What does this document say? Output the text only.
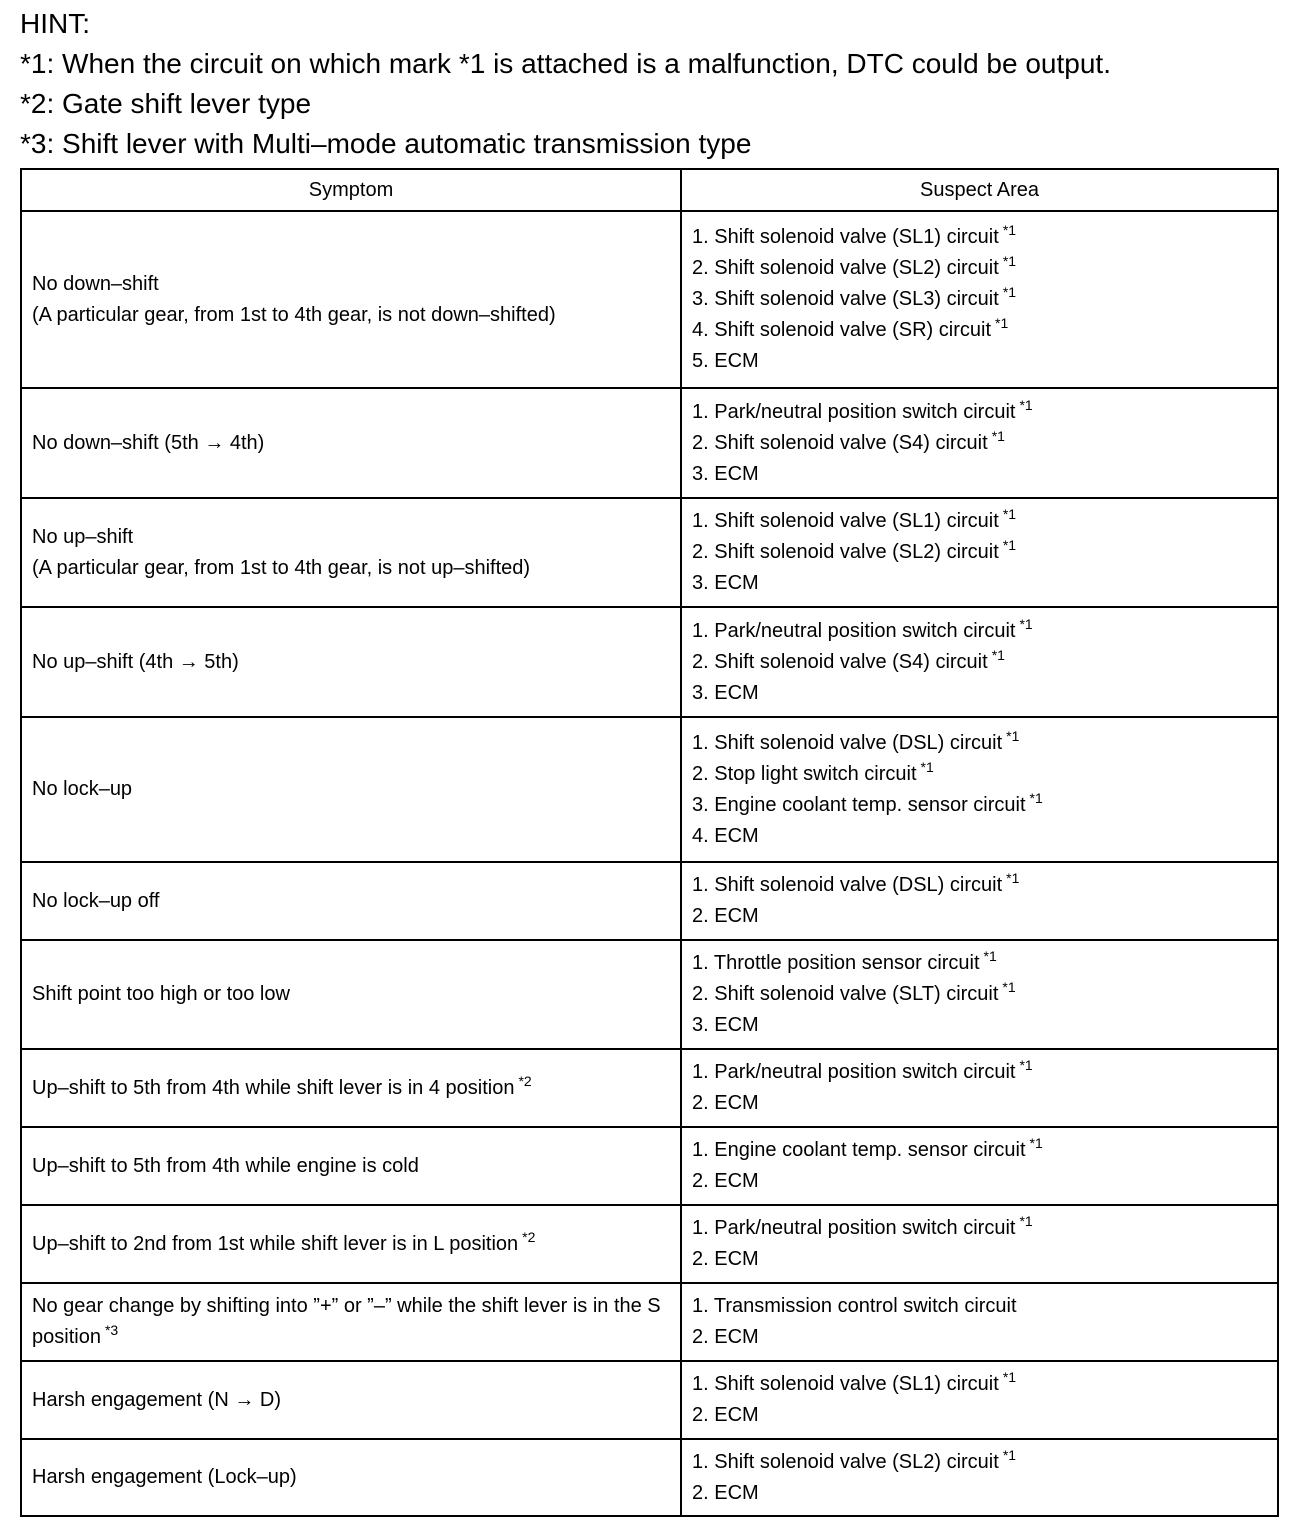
HINT:
*1: When the circuit on which mark *1 is attached is a malfunction, DTC could be output.
*2: Gate shift lever type
*3: Shift lever with Multi–mode automatic transmission type
Symptom	Suspect Area

No down–shift
(A particular gear, from 1st to 4th gear, is not down–shifted)	1. Shift solenoid valve (SL1) circuit $^{*1}$
2. Shift solenoid valve (SL2) circuit $^{*1}$
3. Shift solenoid valve (SL3) circuit $^{*1}$
4. Shift solenoid valve (SR) circuit $^{*1}$
5. ECM

No down–shift (5th → 4th)	1. Park/neutral position switch circuit $^{*1}$
2. Shift solenoid valve (S4) circuit $^{*1}$
3. ECM

No up–shift
(A particular gear, from 1st to 4th gear, is not up–shifted)	1. Shift solenoid valve (SL1) circuit $^{*1}$
2. Shift solenoid valve (SL2) circuit $^{*1}$
3. ECM

No up–shift (4th → 5th)	1. Park/neutral position switch circuit $^{*1}$
2. Shift solenoid valve (S4) circuit $^{*1}$
3. ECM

No lock–up	1. Shift solenoid valve (DSL) circuit $^{*1}$
2. Stop light switch circuit $^{*1}$
3. Engine coolant temp. sensor circuit $^{*1}$
4. ECM

No lock–up off	1. Shift solenoid valve (DSL) circuit $^{*1}$
2. ECM

Shift point too high or too low	1. Throttle position sensor circuit $^{*1}$
2. Shift solenoid valve (SLT) circuit $^{*1}$
3. ECM

Up–shift to 5th from 4th while shift lever is in 4 position $^{*2}$	1. Park/neutral position switch circuit $^{*1}$
2. ECM

Up–shift to 5th from 4th while engine is cold	1. Engine coolant temp. sensor circuit $^{*1}$
2. ECM

Up–shift to 2nd from 1st while shift lever is in L position $^{*2}$	1. Park/neutral position switch circuit $^{*1}$
2. ECM

No gear change by shifting into ”+” or ”–” while the shift lever is in the S position $^{*3}$	1. Transmission control switch circuit
2. ECM

Harsh engagement (N → D)	1. Shift solenoid valve (SL1) circuit $^{*1}$
2. ECM

Harsh engagement (Lock–up)	1. Shift solenoid valve (SL2) circuit $^{*1}$
2. ECM
